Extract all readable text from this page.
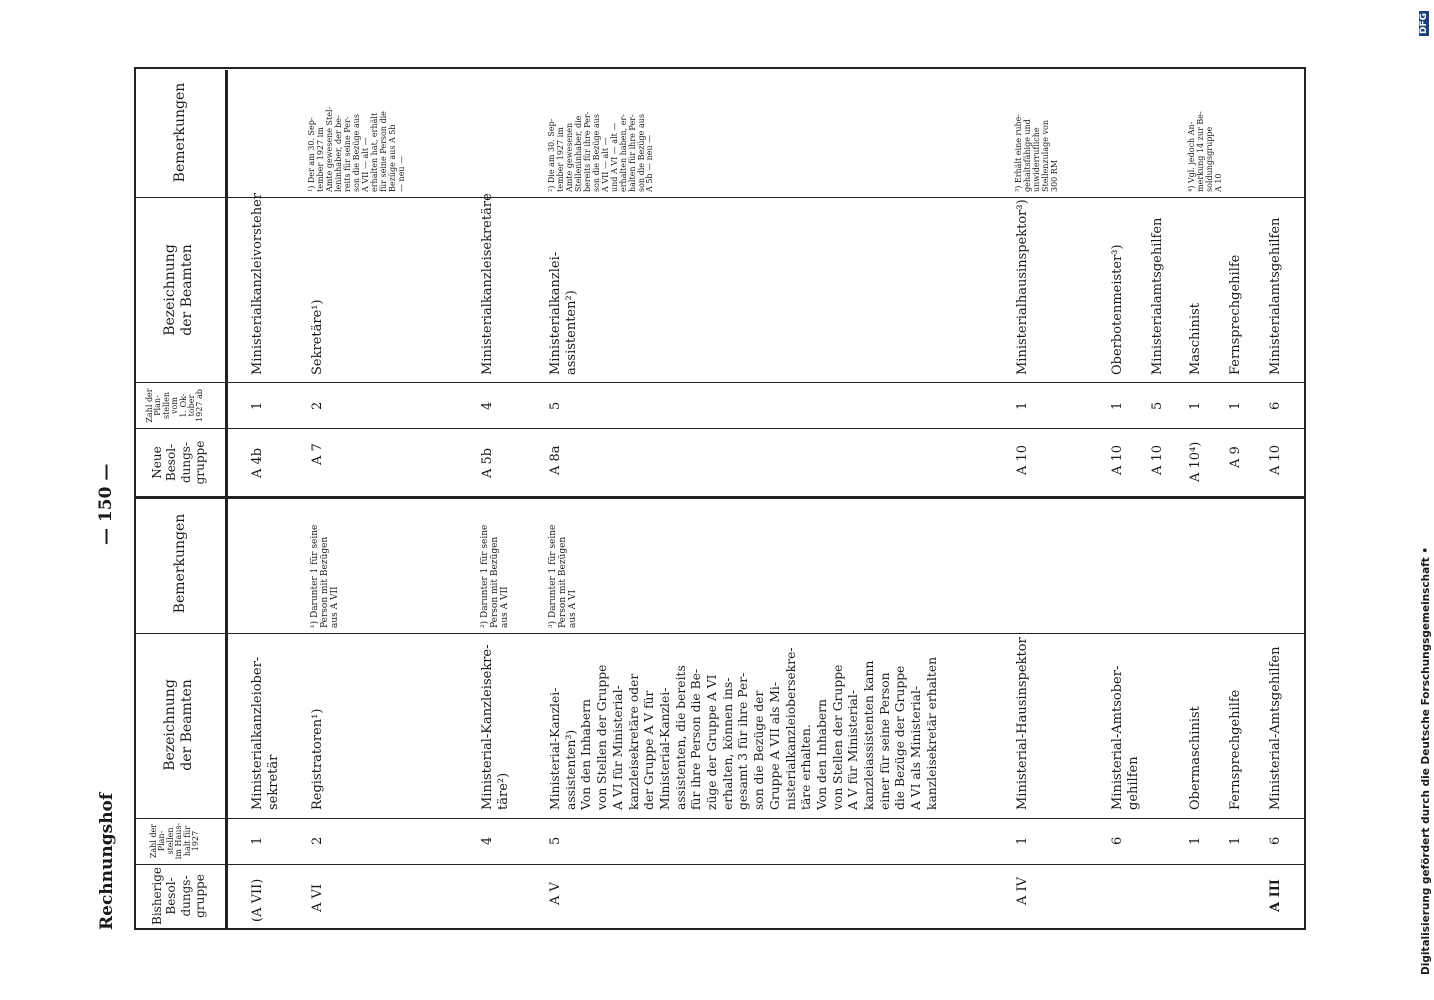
Rechnungshof
— 150 —
Digitalisierung gefördert durch die Deutsche Forschungsgemeinschaft •
DFG
Bisherige
Besol-
dungs-
gruppe
Zahl der
Plan-
stellen
im Haus-
halt für
1927
Bezeichnung
der Beamten
Bemerkungen
Neue
Besol-
dungs-
gruppe
Zahl der
Plan-
stellen
vom
1. Ok-
tober
1927 ab
Bezeichnung
der Beamten
Bemerkungen
(A VII)
1
Ministerialkanzleiober-
sekretär
A VI
2
Registratoren¹)
¹) Darunter 1 für seine
Person mit Bezügen
aus A VII
4
Ministerial-Kanzleisekre-
täre²)
²) Darunter 1 für seine
Person mit Bezügen
aus A VII
A V
5
Ministerial-Kanzlei-
assistenten³)
Von den Inhabern
von Stellen der Gruppe
A VI für Ministerial-
kanzleisekretäre oder
der Gruppe A V für
Ministerial-Kanzlei-
assistenten, die bereits
für ihre Person die Be-
züge der Gruppe A VI
erhalten, können ins-
gesamt 3 für ihre Per-
son die Bezüge der
Gruppe A VII als Mi-
nisterialkanzleiobersekre-
täre erhalten.
Von den Inhabern
von Stellen der Gruppe
A V für Ministerial-
kanzleiassistenten kann
einer für seine Person
die Bezüge der Gruppe
A VI als Ministerial-
kanzleisekretär erhalten
³) Darunter 1 für seine
Person mit Bezügen
aus A VI
A IV
1
Ministerial-Hausinspektor
6
Ministerial-Amtsober-
gehilfen
1
Obermaschinist
1
Fernsprechgehilfe
A III
6
Ministerial-Amtsgehilfen
A 4b
1
Ministerialkanzleivorsteher
A 7
2
Sekretäre¹)
¹) Der am 30. Sep-
tember 1927 im
Amte gewesene Stel-
leninhaber, der be-
reits für seine Per-
son die Bezüge aus
A VII — alt —
erhalten hat, erhält
für seine Person die
Bezüge aus A 5b
— neu —
A 5b
4
Ministerialkanzleisekretäre
A 8a
5
Ministerialkanzlei-
assistenten²)
²) Die am 30. Sep-
tember 1927 im
Amte gewesenen
Stelleninhaber, die
bereits für ihre Per-
son die Bezüge aus
A VII — alt —
und A VI — alt —
erhalten haben, er-
halten für ihre Per-
son die Bezüge aus
A 5b — neu —
A 10
1
Ministerialhausinspektor³)
³) Erhält eine ruhe-
gehaltsfähige und
unwiderrufliche
Stellenzulage von
300 RM
A 10
1
Oberbotenmeister³)
A 10
5
Ministerialamtsgehilfen
A 10⁴)
1
Maschinist
⁴) Vgl. jedoch An-
merkung 14 zur Be-
soldungsgruppe
A 10
A 9
1
Fernsprechgehilfe
A 10
6
Ministerialamtsgehilfen
